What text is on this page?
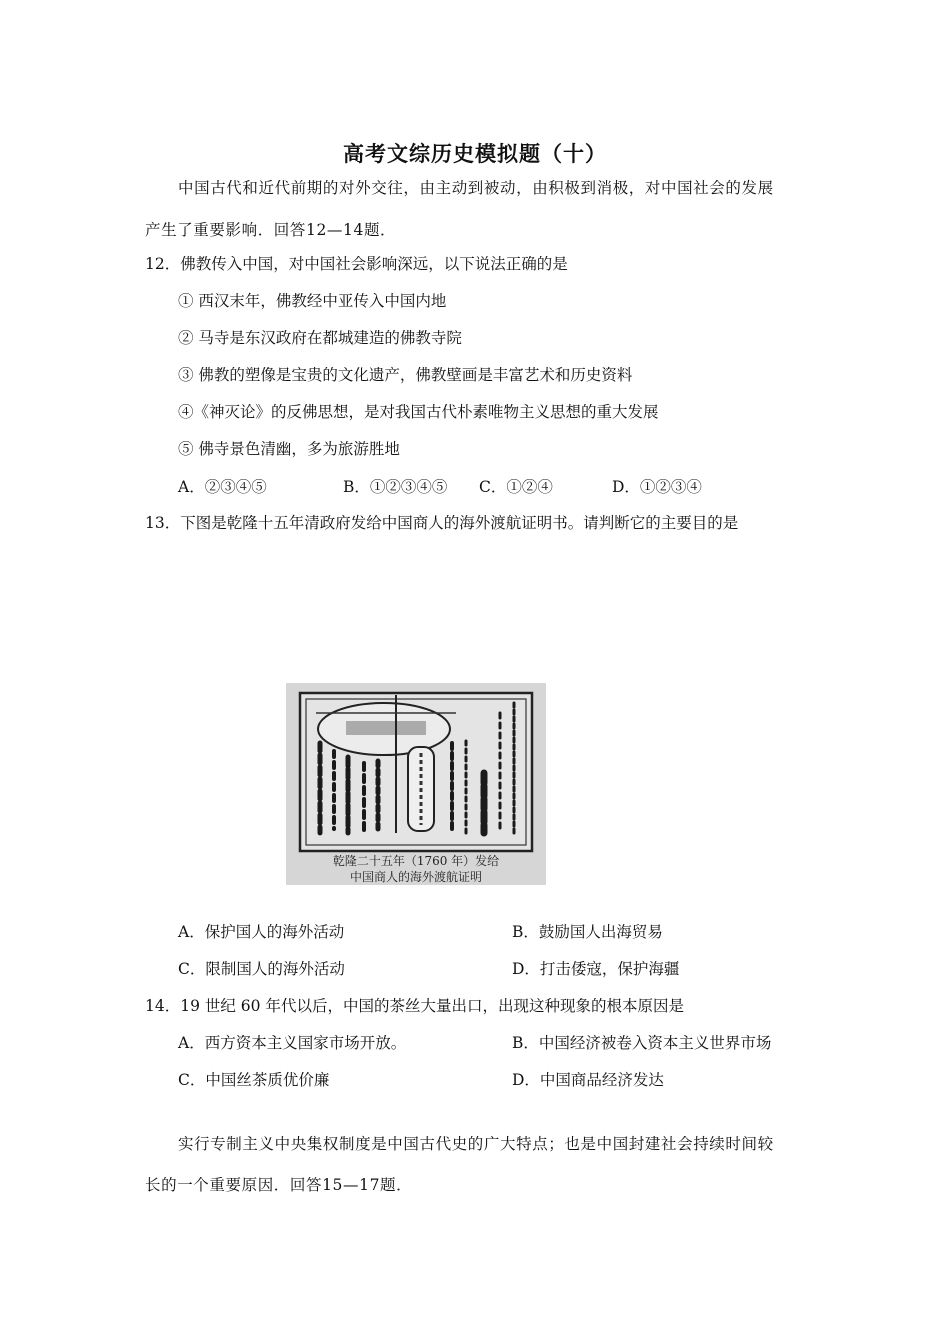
高考文综历史模拟题（十）
中国古代和近代前期的对外交往，由主动到被动，由积极到消极，对中国社会的发展
产生了重要影响．回答12—14题．
12．佛教传入中国，对中国社会影响深远，以下说法正确的是
① 西汉末年，佛教经中亚传入中国内地
② 马寺是东汉政府在都城建造的佛教寺院
③ 佛教的塑像是宝贵的文化遗产，佛教壁画是丰富艺术和历史资料
④《神灭论》的反佛思想，是对我国古代朴素唯物主义思想的重大发展
⑤ 佛寺景色清幽，多为旅游胜地
A．②③④⑤	B．①②③④⑤ C．①②④	D．①②③④
13．下图是乾隆十五年清政府发给中国商人的海外渡航证明书。请判断它的主要目的是
乾隆二十五年（1760 年）发给
中国商人的海外渡航证明
A．保护国人的海外活动	B．鼓励国人出海贸易
C．限制国人的海外活动	D．打击倭寇，保护海疆
14．19 世纪 60 年代以后，中国的茶丝大量出口，出现这种现象的根本原因是
A．西方资本主义国家市场开放。	B．中国经济被卷入资本主义世界市场
C．中国丝茶质优价廉	D．中国商品经济发达
实行专制主义中央集权制度是中国古代史的广大特点；也是中国封建社会持续时间较
长的一个重要原因．回答15—17题．
